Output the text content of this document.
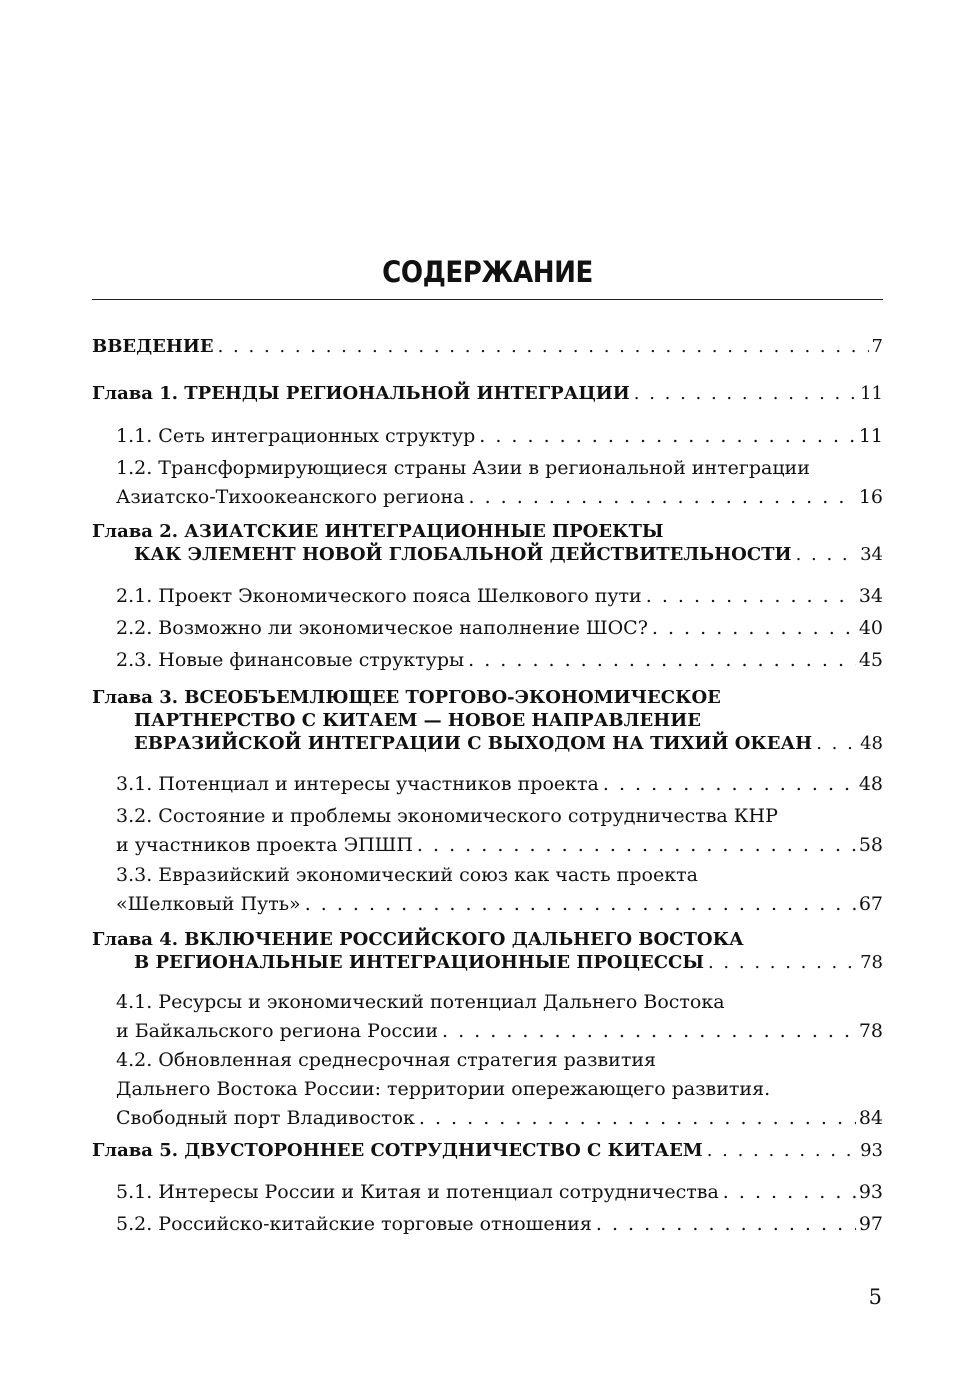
СОДЕРЖАНИЕ
ВВЕДЕНИЕ . . .	7
Глава 1. ТРЕНДЫ РЕГИОНАЛЬНОЙ ИНТЕГРАЦИИ . . .	11
1.1. Сеть интеграционных структур . . .	11
1.2. Трансформирующиеся страны Азии в региональной интеграции
Азиатско-Тихоокеанского региона . . .	16
Глава 2. АЗИАТСКИЕ ИНТЕГРАЦИОННЫЕ ПРОЕКТЫ
КАК ЭЛЕМЕНТ НОВОЙ ГЛОБАЛЬНОЙ ДЕЙСТВИТЕЛЬНОСТИ . . .	34
2.1. Проект Экономического пояса Шелкового пути . . .	34
2.2. Возможно ли экономическое наполнение ШОС? . . .	40
2.3. Новые финансовые структуры . . .	45
Глава 3. ВСЕОБЪЕМЛЮЩЕЕ ТОРГОВО-ЭКОНОМИЧЕСКОЕ
ПАРТНЕРСТВО С КИТАЕМ — НОВОЕ НАПРАВЛЕНИЕ
ЕВРАЗИЙСКОЙ ИНТЕГРАЦИИ С ВЫХОДОМ НА ТИХИЙ ОКЕАН . . .	48
3.1. Потенциал и интересы участников проекта . . .	48
3.2. Состояние и проблемы экономического сотрудничества КНР
и участников проекта ЭПШП . . .	58
3.3. Евразийский экономический союз как часть проекта
«Шелковый Путь» . . .	67
Глава 4. ВКЛЮЧЕНИЕ РОССИЙСКОГО ДАЛЬНЕГО ВОСТОКА
В РЕГИОНАЛЬНЫЕ ИНТЕГРАЦИОННЫЕ ПРОЦЕССЫ . . .	78
4.1. Ресурсы и экономический потенциал Дальнего Востока
и Байкальского региона России . . .	78
4.2. Обновленная среднесрочная стратегия развития
Дальнего Востока России: территории опережающего развития.
Свободный порт Владивосток . . .	84
Глава 5. ДВУСТОРОННЕЕ СОТРУДНИЧЕСТВО С КИТАЕМ . . .	93
5.1. Интересы России и Китая и потенциал сотрудничества . . .	93
5.2. Российско-китайские торговые отношения . . .	97
5
